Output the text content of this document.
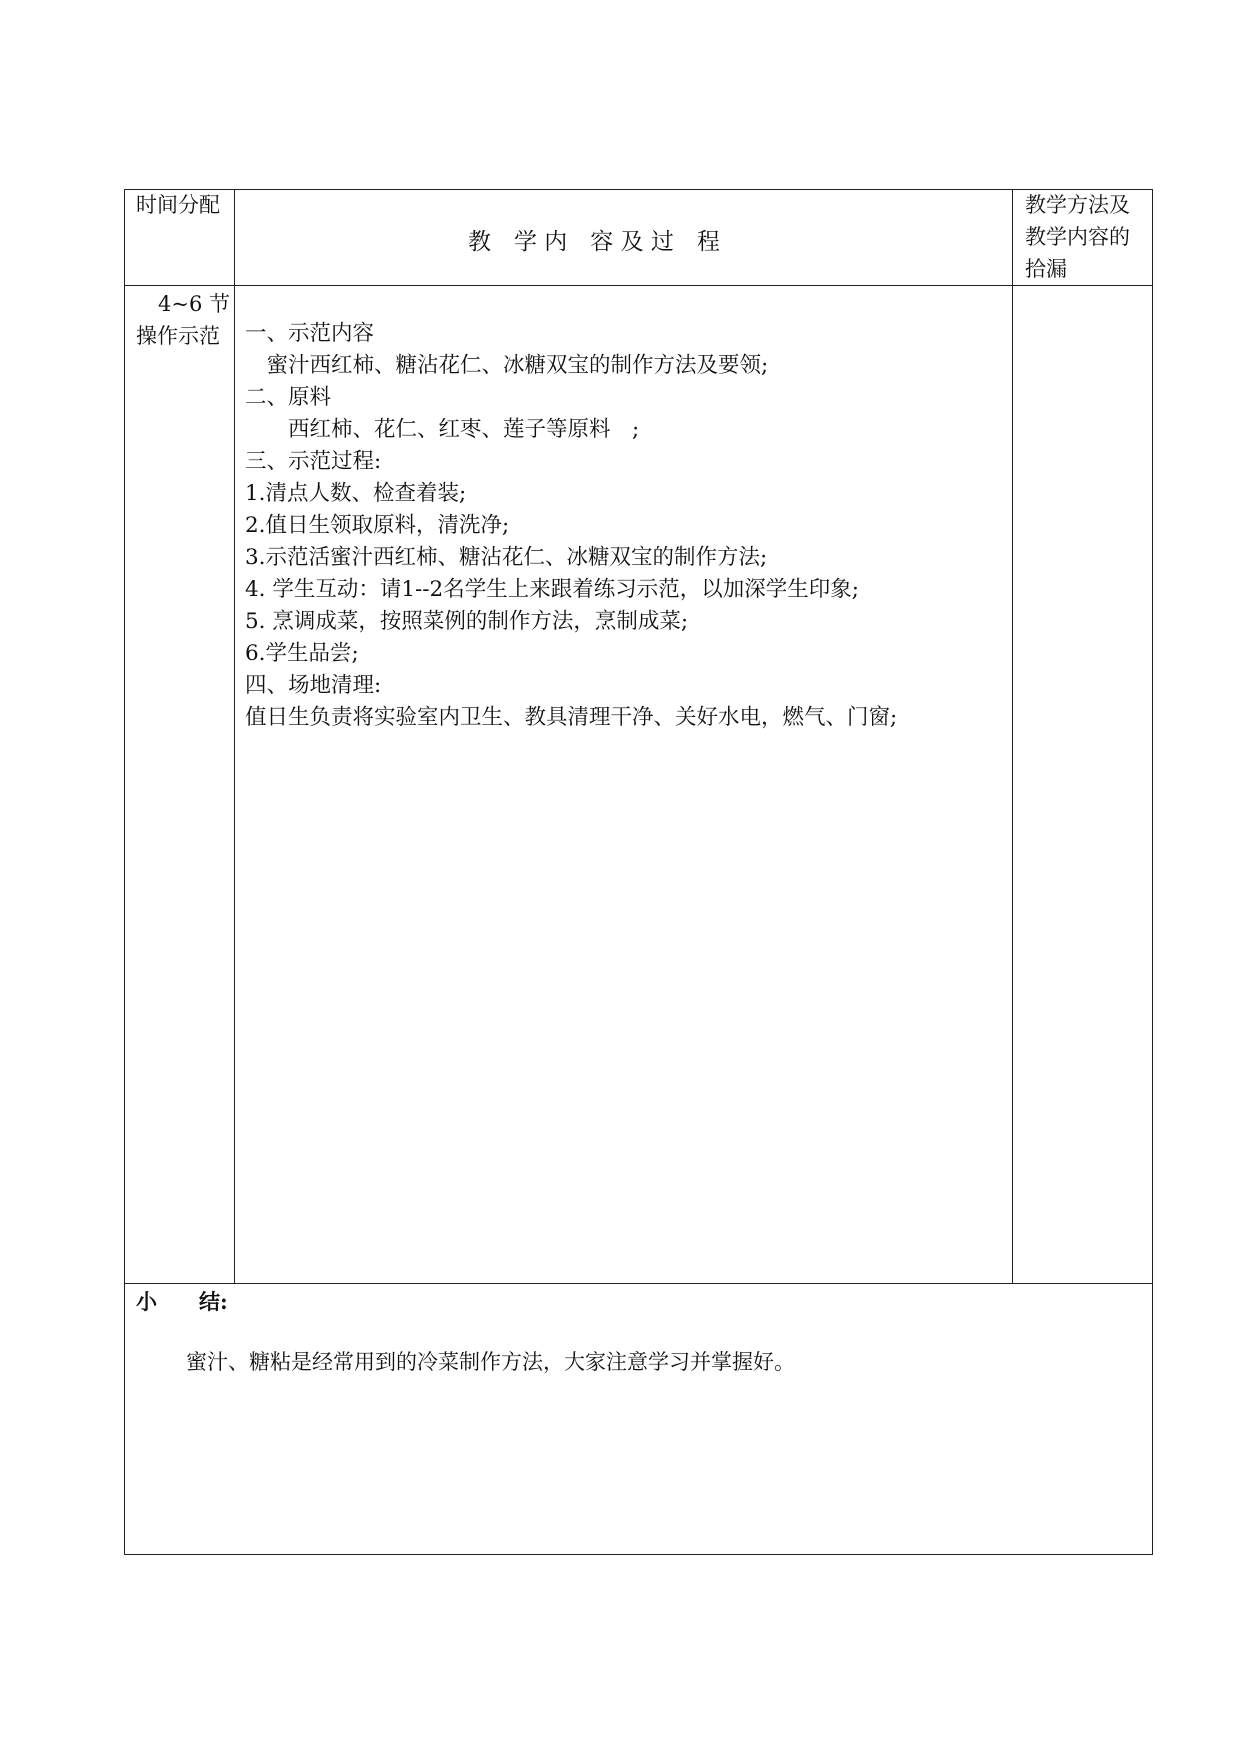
时间分配
教　学 内　容 及 过　程
教学方法及
教学内容的
拾漏
4~6 节
操作示范 一、示范内容
　蜜汁西红柿、糖沾花仁、冰糖双宝的制作方法及要领;
二、原料
　　西红柿、花仁、红枣、莲子等原料　;
三、示范过程:
1.清点人数、检查着装;
2.值日生领取原料，清洗净;
3.示范活蜜汁西红柿、糖沾花仁、冰糖双宝的制作方法;
4. 学生互动：请1--2名学生上来跟着练习示范，以加深学生印象;
5. 烹调成菜，按照菜例的制作方法，烹制成菜;
6.学生品尝;
四、场地清理:
值日生负责将实验室内卫生、教具清理干净、关好水电，燃气、门窗;
小　　结:
蜜汁、糖粘是经常用到的冷菜制作方法，大家注意学习并掌握好。
